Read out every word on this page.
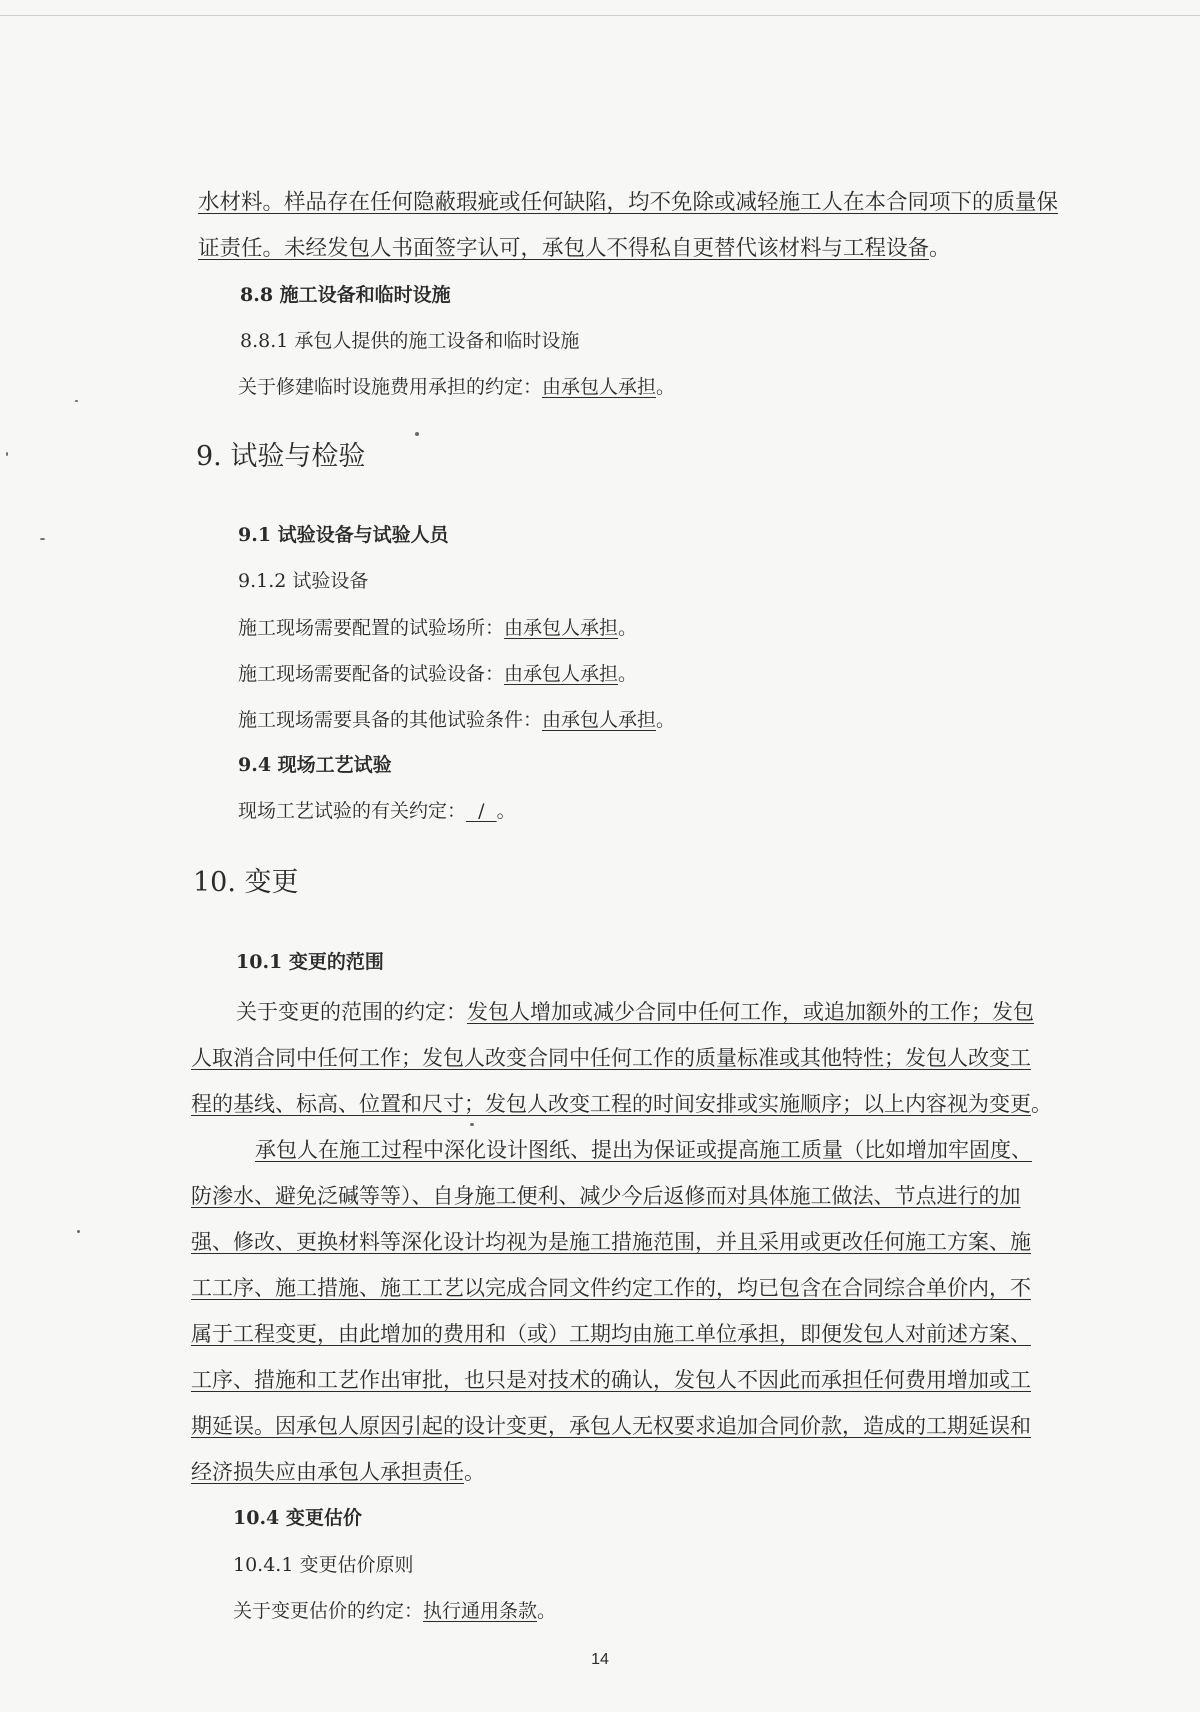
水材料。样品存在任何隐蔽瑕疵或任何缺陷，均不免除或减轻施工人在本合同项下的质量保
证责任。未经发包人书面签字认可，承包人不得私自更替代该材料与工程设备。
8.8 施工设备和临时设施
8.8.1 承包人提供的施工设备和临时设施
关于修建临时设施费用承担的约定：由承包人承担。
9. 试验与检验
9.1 试验设备与试验人员
9.1.2 试验设备
施工现场需要配置的试验场所：由承包人承担。
施工现场需要配备的试验设备：由承包人承担。
施工现场需要具备的其他试验条件：由承包人承担。
9.4 现场工艺试验
现场工艺试验的有关约定：  /  。
10. 变更
10.1 变更的范围
关于变更的范围的约定：发包人增加或减少合同中任何工作，或追加额外的工作；发包
人取消合同中任何工作；发包人改变合同中任何工作的质量标准或其他特性；发包人改变工
程的基线、标高、位置和尺寸；发包人改变工程的时间安排或实施顺序；以上内容视为变更。
承包人在施工过程中深化设计图纸、提出为保证或提高施工质量（比如增加牢固度、
防渗水、避免泛碱等等）、自身施工便利、减少今后返修而对具体施工做法、节点进行的加
强、修改、更换材料等深化设计均视为是施工措施范围，并且采用或更改任何施工方案、施
工工序、施工措施、施工工艺以完成合同文件约定工作的，均已包含在合同综合单价内，不
属于工程变更，由此增加的费用和（或）工期均由施工单位承担，即便发包人对前述方案、
工序、措施和工艺作出审批，也只是对技术的确认，发包人不因此而承担任何费用增加或工
期延误。因承包人原因引起的设计变更，承包人无权要求追加合同价款，造成的工期延误和
经济损失应由承包人承担责任。
10.4 变更估价
10.4.1 变更估价原则
关于变更估价的约定：执行通用条款。
14
